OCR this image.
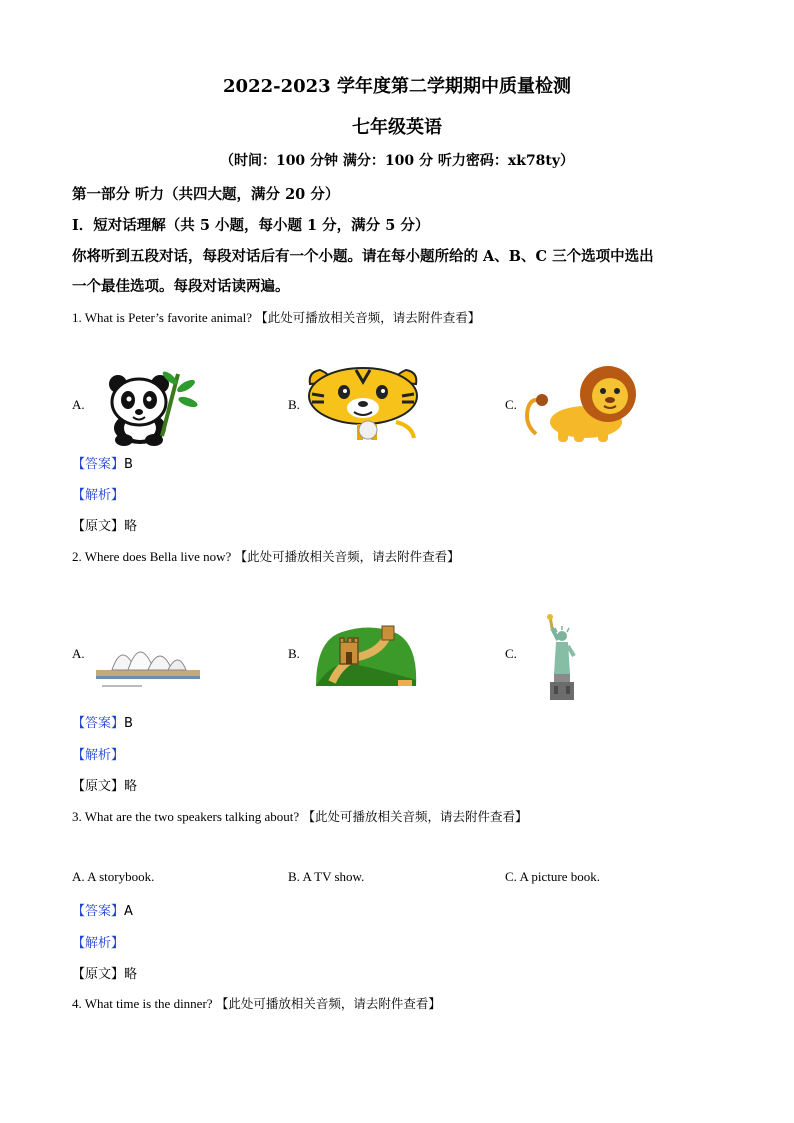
2022-2023 学年度第二学期期中质量检测
七年级英语
（时间：100 分钟 满分：100 分 听力密码：xk78ty）
第一部分 听力（共四大题，满分 20 分）
Ⅰ．短对话理解（共 5 小题，每小题 1 分，满分 5 分）
你将听到五段对话，每段对话后有一个小题。请在每小题所给的 A、B、C 三个选项中选出
一个最佳选项。每段对话读两遍。
1. What is Peter’s favorite animal? 【此处可播放相关音频，请去附件查看】
A.	B.	C.
【答案】B
【解析】
【原文】略
2. Where does Bella live now? 【此处可播放相关音频，请去附件查看】
A.	B.	C.
【答案】B
【解析】
【原文】略
3. What are the two speakers talking about? 【此处可播放相关音频，请去附件查看】
A. A storybook.	B. A TV show.	C. A picture book.
【答案】A
【解析】
【原文】略
4. What time is the dinner? 【此处可播放相关音频，请去附件查看】
